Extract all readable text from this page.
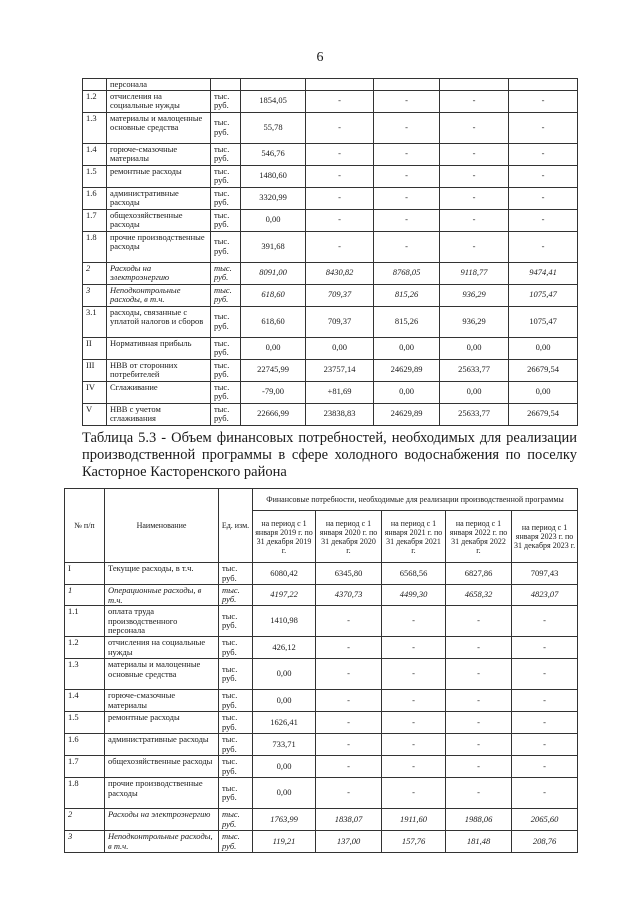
6
	персонала						
1.2	отчисления на социальные нужды	тыс. руб.	1854,05	-	-	-	-
1.3	материалы и малоценные основные средства	тыс. руб.	55,78	-	-	-	-
1.4	горюче-смазочные материалы	тыс. руб.	546,76	-	-	-	-
1.5	ремонтные расходы	тыс. руб.	1480,60	-	-	-	-
1.6	административные расходы	тыс. руб.	3320,99	-	-	-	-
1.7	общехозяйственные расходы	тыс. руб.	0,00	-	-	-	-
1.8	прочие производственные расходы	тыс. руб.	391,68	-	-	-	-
2	Расходы на электроэнергию	тыс. руб.	8091,00	8430,82	8768,05	9118,77	9474,41
3	Неподконтрольные расходы, в т.ч.	тыс. руб.	618,60	709,37	815,26	936,29	1075,47
3.1	расходы, связанные с уплатой налогов и сборов	тыс. руб.	618,60	709,37	815,26	936,29	1075,47
II	Нормативная прибыль	тыс. руб.	0,00	0,00	0,00	0,00	0,00
III	НВВ от сторонних потребителей	тыс. руб.	22745,99	23757,14	24629,89	25633,77	26679,54
IV	Сглаживание	тыс. руб.	-79,00	+81,69	0,00	0,00	0,00
V	НВВ с учетом сглаживания	тыс. руб.	22666,99	23838,83	24629,89	25633,77	26679,54
Таблица 5.3 - Объем финансовых потребностей, необходимых для реализации производственной программы в сфере холодного водоснабжения по поселку Касторное Касторенского района
№ п/п	Наименование	Ед. изм.	Финансовые потребности, необходимые для реализации производственной программы				
			на период с 1 января 2019 г. по 31 декабря 2019 г.	на период с 1 января 2020 г. по 31 декабря 2020 г.	на период с 1 января 2021 г. по 31 декабря 2021 г.	на период с 1 января 2022 г. по 31 декабря 2022 г.	на период с 1 января 2023 г. по 31 декабря 2023 г.
I	Текущие расходы, в т.ч.	тыс. руб.	6080,42	6345,80	6568,56	6827,86	7097,43
1	Операционные расходы, в т.ч.	тыс. руб.	4197,22	4370,73	4499,30	4658,32	4823,07
1.1	оплата труда производственного персонала	тыс. руб.	1410,98	-	-	-	-
1.2	отчисления на социальные нужды	тыс. руб.	426,12	-	-	-	-
1.3	материалы и малоценные основные средства	тыс. руб.	0,00	-	-	-	-
1.4	горюче-смазочные материалы	тыс. руб.	0,00	-	-	-	-
1.5	ремонтные расходы	тыс. руб.	1626,41	-	-	-	-
1.6	административные расходы	тыс. руб.	733,71	-	-	-	-
1.7	общехозяйственные расходы	тыс. руб.	0,00	-	-	-	-
1.8	прочие производственные расходы	тыс. руб.	0,00	-	-	-	-
2	Расходы на электроэнергию	тыс. руб.	1763,99	1838,07	1911,60	1988,06	2065,60
3	Неподконтрольные расходы, в т.ч.	тыс. руб.	119,21	137,00	157,76	181,48	208,76
